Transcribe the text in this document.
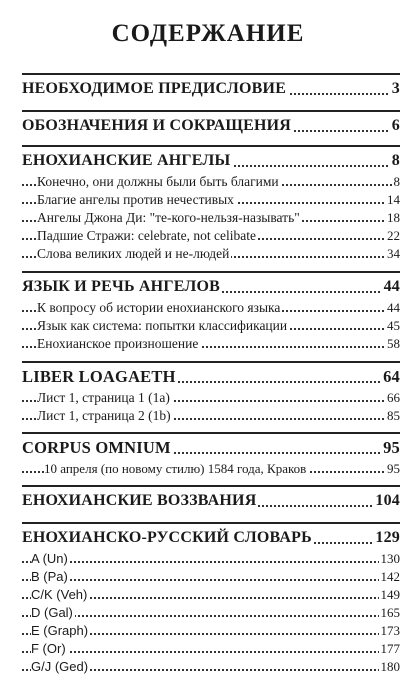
СОДЕРЖАНИЕ
НЕОБХОДИМОЕ ПРЕДИСЛОВИЕ	3
ОБОЗНАЧЕНИЯ И СОКРАЩЕНИЯ	6
ЕНОХИАНСКИЕ АНГЕЛЫ	8
Конечно, они должны были быть благими	8
Благие ангелы против нечестивых	14
Ангелы Джона Ди: "те-кого-нельзя-называть"	18
Падшие Стражи: celebrate, not celibate	22
Слова великих людей и не-людей	34
ЯЗЫК И РЕЧЬ АНГЕЛОВ	44
К вопросу об истории енохианского языка	44
Язык как система: попытки классификации	45
Енохианское произношение	58
LIBER LOAGAETH	64
Лист 1, страница 1 (1a)	66
Лист 1, страница 2 (1b)	85
CORPUS OMNIUM	95
10 апреля (по новому стилю) 1584 года, Краков	95
ЕНОХИАНСКИЕ ВОЗЗВАНИЯ	104
ЕНОХИАНСКО-РУССКИЙ СЛОВАРЬ	129
A (Un)	130
B (Pa)	142
C/K (Veh)	149
D (Gal)	165
E (Graph)	173
F (Or)	177
G/J (Ged)	180
